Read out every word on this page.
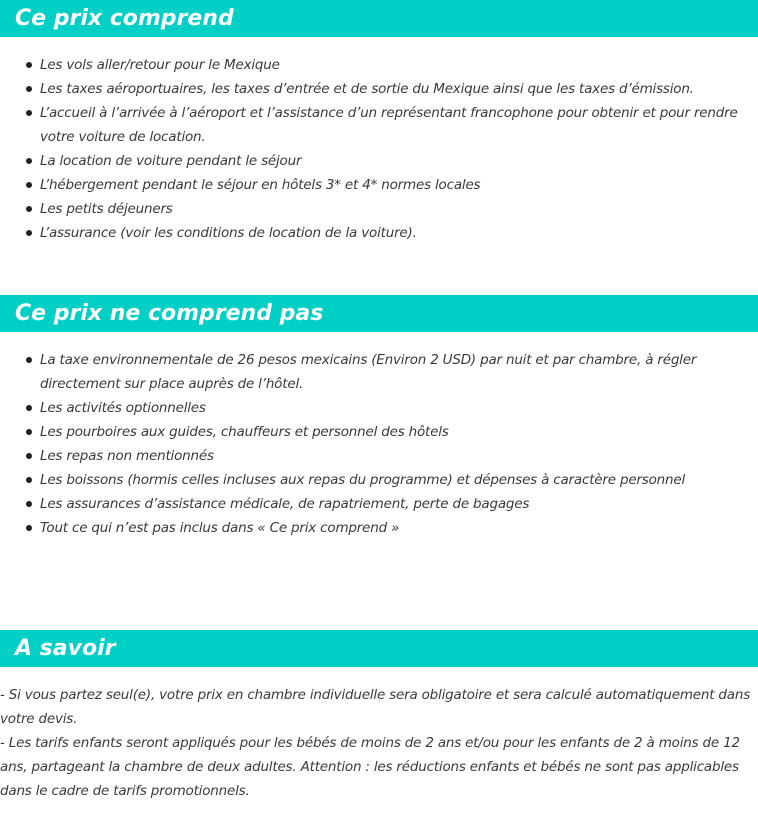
Ce prix comprend
Les vols aller/retour pour le Mexique
Les taxes aéroportuaires, les taxes d’entrée et de sortie du Mexique ainsi que les taxes d’émission.
L’accueil à l’arrivée à l’aéroport et l’assistance d’un représentant francophone pour obtenir et pour rendre votre voiture de location.
La location de voiture pendant le séjour
L’hébergement pendant le séjour en hôtels 3* et 4* normes locales
Les petits déjeuners
L’assurance (voir les conditions de location de la voiture).
Ce prix ne comprend pas
La taxe environnementale de 26 pesos mexicains (Environ 2 USD) par nuit et par chambre, à régler directement sur place auprès de l’hôtel.
Les activités optionnelles
Les pourboires aux guides, chauffeurs et personnel des hôtels
Les repas non mentionnés
Les boissons (hormis celles incluses aux repas du programme) et dépenses à caractère personnel
Les assurances d’assistance médicale, de rapatriement, perte de bagages
Tout ce qui n’est pas inclus dans « Ce prix comprend »
A savoir

- Si vous partez seul(e), votre prix en chambre individuelle sera obligatoire et sera calculé automatiquement dans votre devis.

- Les tarifs enfants seront appliqués pour les bébés de moins de 2 ans et/ou pour les enfants de 2 à moins de 12 ans, partageant la chambre de deux adultes. Attention : les réductions enfants et bébés ne sont pas applicables dans le cadre de tarifs promotionnels.
